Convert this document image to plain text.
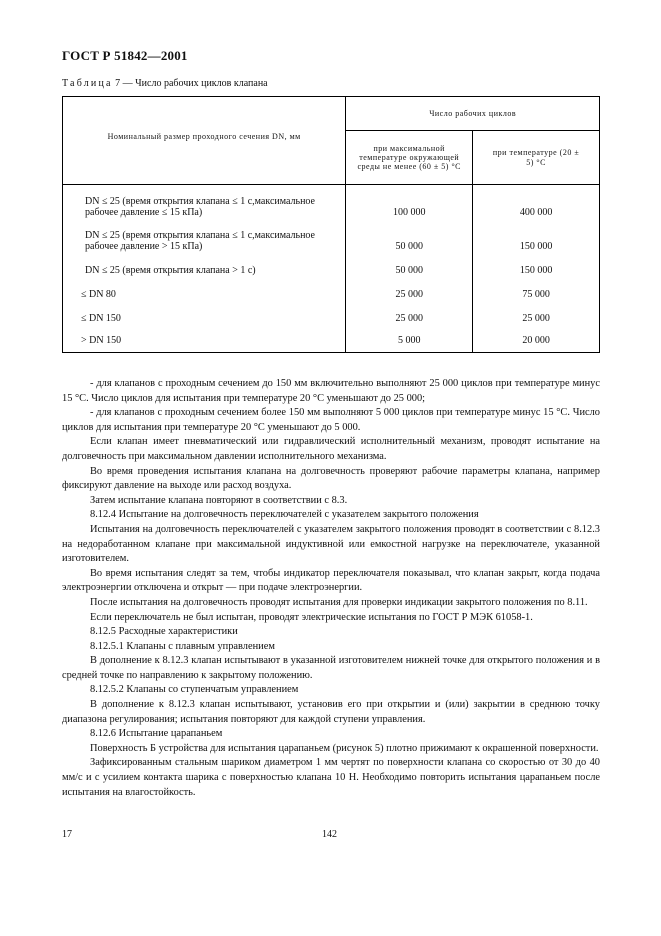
ГОСТ Р 51842—2001
Таблица 7 — Число рабочих циклов клапана
Номинальный размер проходного сечения DN, мм	Число рабочих циклов	
	при максимальной температуре окружающей среды не менее (60 ± 5) °С	при температуре (20 ± 5) °С
DN ≤ 25 (время открытия клапана ≤ 1 с,максимальное рабочее давление ≤ 15 кПа)	100 000	400 000
DN ≤ 25 (время открытия клапана ≤ 1 с,максимальное рабочее давление > 15 кПа)	50 000	150 000
DN ≤ 25 (время открытия клапана > 1 с)	50 000	150 000
≤ DN 80	25 000	75 000
≤ DN 150	25 000	25 000
> DN 150	5 000	20 000

- для клапанов с проходным сечением до 150 мм включительно выполняют 25 000 циклов при температуре минус 15 °С. Число циклов для испытания при температуре 20 °С уменьшают до 25 000;

- для клапанов с проходным сечением более 150 мм выполняют 5 000 циклов при температуре минус 15 °С. Число циклов для испытания при температуре 20 °С уменьшают до 5 000.

Если клапан имеет пневматический или гидравлический исполнительный механизм, проводят испытание на долговечность при максимальном давлении исполнительного механизма.

Во время проведения испытания клапана на долговечность проверяют рабочие параметры клапана, например фиксируют давление на выходе или расход воздуха.

Затем испытание клапана повторяют в соответствии с 8.3.

8.12.4 Испытание на долговечность переключателей с указателем закрытого положения

Испытания на долговечность переключателей с указателем закрытого положения проводят в соответствии с 8.12.3 на недоработанном клапане при максимальной индуктивной или емкостной нагрузке на переключателе, указанной изготовителем.

Во время испытания следят за тем, чтобы индикатор переключателя показывал, что клапан закрыт, когда подача электроэнергии отключена и открыт — при подаче электроэнергии.

После испытания на долговечность проводят испытания для проверки индикации закрытого положения по 8.11.

Если переключатель не был испытан, проводят электрические испытания по ГОСТ Р МЭК 61058-1.

8.12.5 Расходные характеристики

8.12.5.1 Клапаны с плавным управлением

В дополнение к 8.12.3 клапан испытывают в указанной изготовителем нижней точке для открытого положения и в средней точке по направлению к закрытому положению.

8.12.5.2 Клапаны со ступенчатым управлением

В дополнение к 8.12.3 клапан испытывают, установив его при открытии и (или) закрытии в среднюю точку диапазона регулирования; испытания повторяют для каждой ступени управления.

8.12.6 Испытание царапаньем

Поверхность Б устройства для испытания царапаньем (рисунок 5) плотно прижимают к окрашенной поверхности.

Зафиксированным стальным шариком диаметром 1 мм чертят по поверхности клапана со скоростью от 30 до 40 мм/с и с усилием контакта шарика с поверхностью клапана 10 Н. Необходимо повторить испытания царапаньем после испытания на влагостойкость.

17	142
